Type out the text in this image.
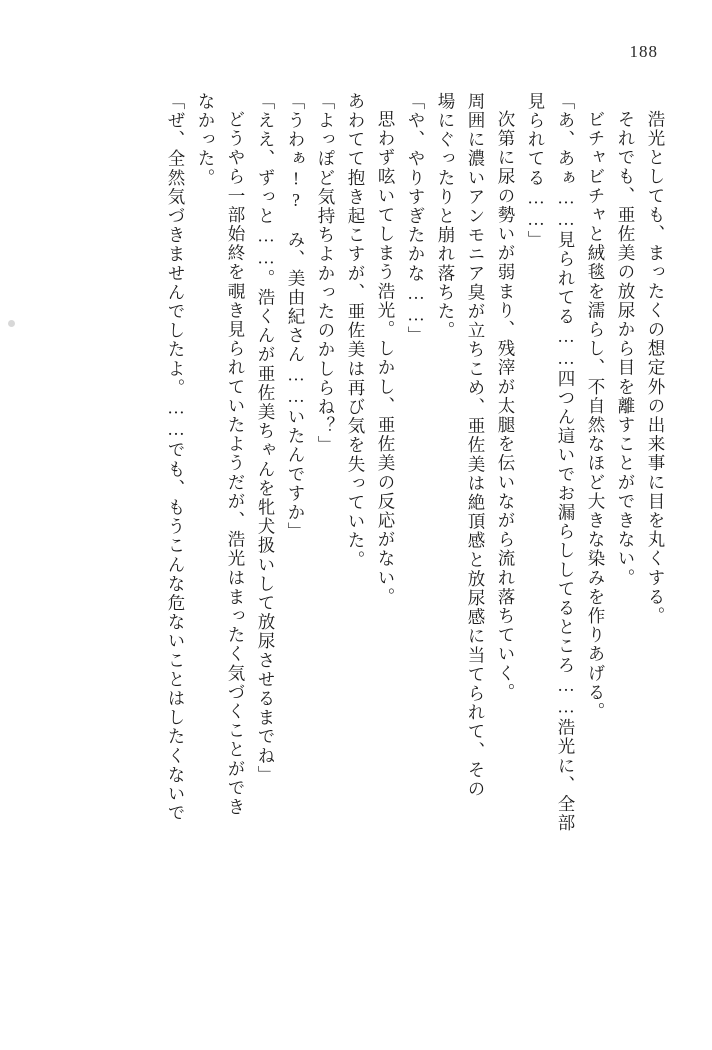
188
浩光としても、まったくの想定外の出来事に目を丸くする。
それでも、亜佐美の放尿から目を離すことができない。
ビチャビチャと絨毯を濡らし、不自然なほど大きな染みを作りあげる。
「あ、あぁ……見られてる……四つん這いでお漏らししてるところ……浩光に、全部
見られてる……」
次第に尿の勢いが弱まり、残滓が太腿を伝いながら流れ落ちていく。
周囲に濃いアンモニア臭が立ちこめ、亜佐美は絶頂感と放尿感に当てられて、その
場にぐったりと崩れ落ちた。
「や、やりすぎたかな……」
思わず呟いてしまう浩光。しかし、亜佐美の反応がない。
あわてて抱き起こすが、亜佐美は再び気を失っていた。
「よっぽど気持ちよかったのかしらね？」
「うわぁ!?　み、美由紀さん……いたんですか」
「ええ、ずっと……。浩くんが亜佐美ちゃんを牝犬扱いして放尿させるまでね」
どうやら一部始終を覗き見られていたようだが、浩光はまったく気づくことができ
なかった。
「ぜ、全然気づきませんでしたよ。……でも、もうこんな危ないことはしたくないで
